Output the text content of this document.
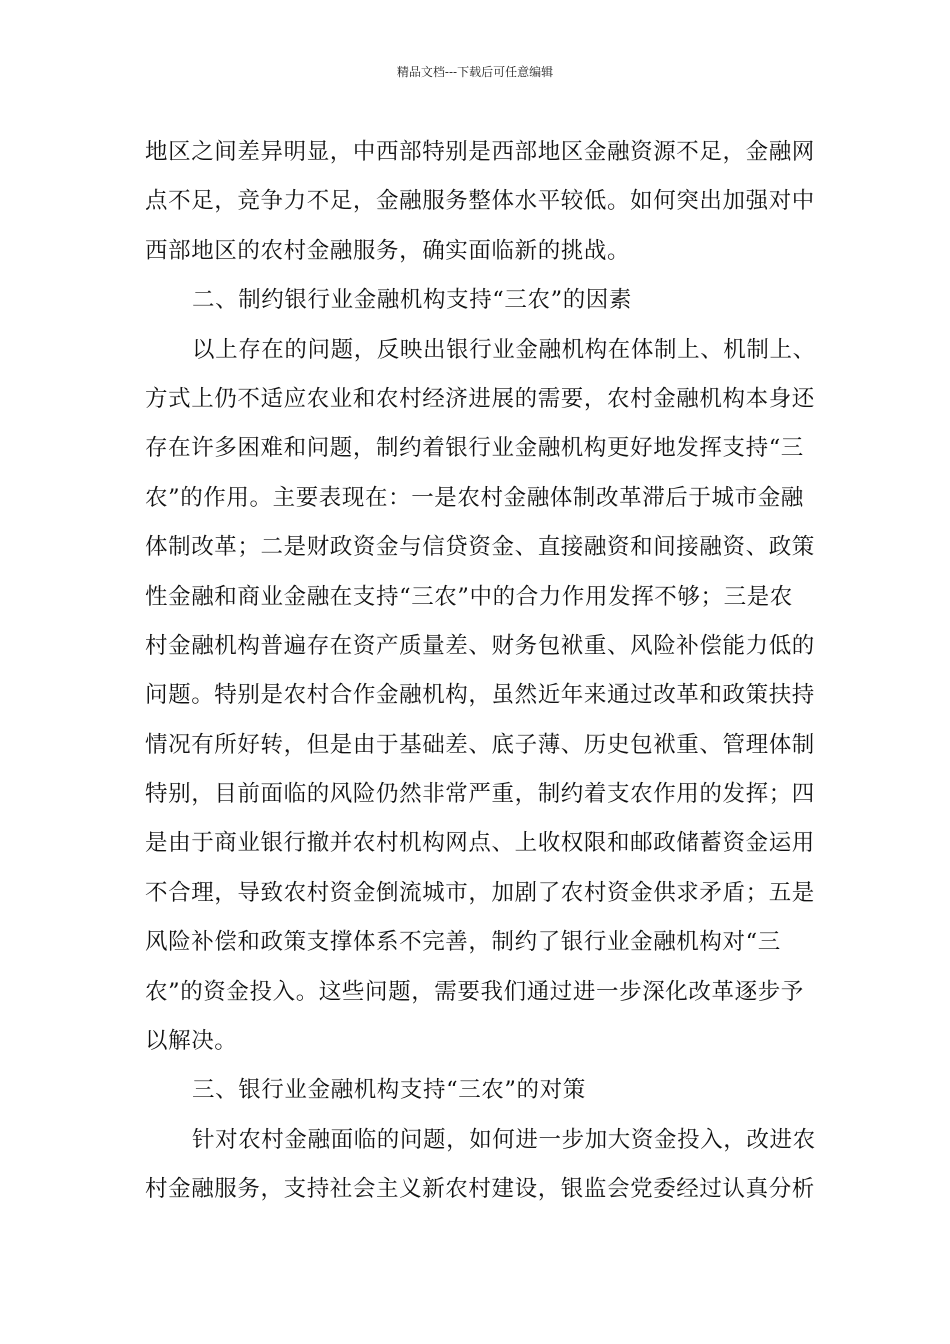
精品文档---下载后可任意编辑
地区之间差异明显，中西部特别是西部地区金融资源不足，金融网
点不足，竞争力不足，金融服务整体水平较低。如何突出加强对中
西部地区的农村金融服务，确实面临新的挑战。
二、制约银行业金融机构支持“三农”的因素
以上存在的问题，反映出银行业金融机构在体制上、机制上、
方式上仍不适应农业和农村经济进展的需要，农村金融机构本身还
存在许多困难和问题，制约着银行业金融机构更好地发挥支持“三
农”的作用。主要表现在：一是农村金融体制改革滞后于城市金融
体制改革；二是财政资金与信贷资金、直接融资和间接融资、政策
性金融和商业金融在支持“三农”中的合力作用发挥不够；三是农
村金融机构普遍存在资产质量差、财务包袱重、风险补偿能力低的
问题。特别是农村合作金融机构，虽然近年来通过改革和政策扶持
情况有所好转，但是由于基础差、底子薄、历史包袱重、管理体制
特别，目前面临的风险仍然非常严重，制约着支农作用的发挥；四
是由于商业银行撤并农村机构网点、上收权限和邮政储蓄资金运用
不合理，导致农村资金倒流城市，加剧了农村资金供求矛盾；五是
风险补偿和政策支撑体系不完善，制约了银行业金融机构对“三
农”的资金投入。这些问题，需要我们通过进一步深化改革逐步予
以解决。
三、银行业金融机构支持“三农”的对策
针对农村金融面临的问题，如何进一步加大资金投入，改进农
村金融服务，支持社会主义新农村建设，银监会党委经过认真分析
